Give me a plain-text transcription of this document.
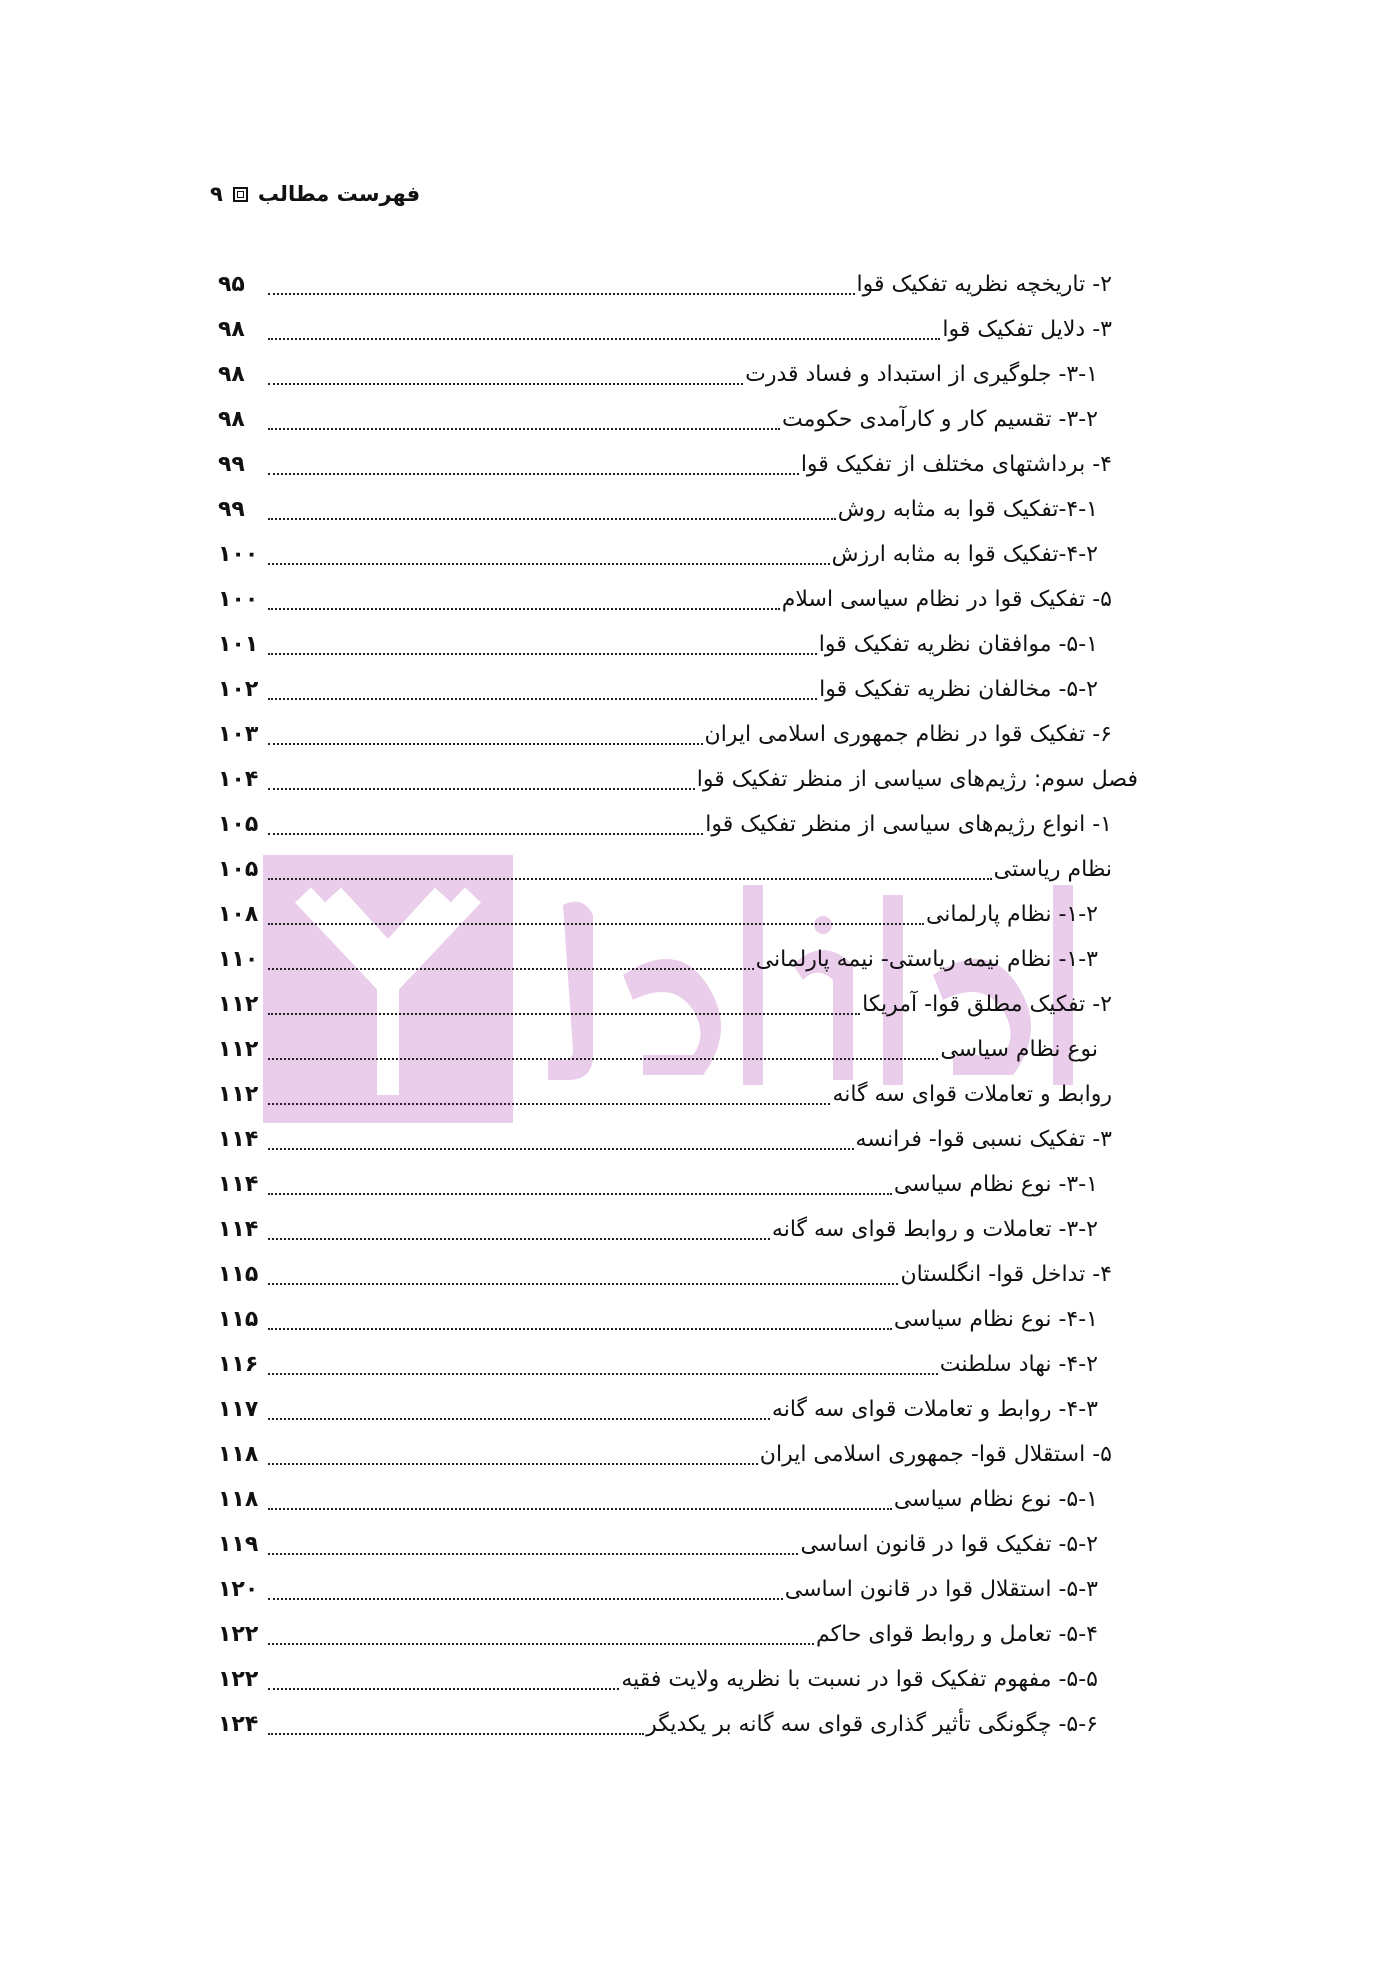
فهرست مطالب
۹
۲- تاریخچه نظریه تفکیک قوا
۹۵
۳- دلایل تفکیک قوا
۹۸
۳-۱- جلوگیری از استبداد و فساد قدرت
۹۸
۳-۲- تقسیم کار و کارآمدی حکومت
۹۸
۴- برداشتهای مختلف از تفکیک قوا
۹۹
۴-۱-تفکیک قوا به مثابه روش
۹۹
۴-۲-تفکیک قوا به مثابه ارزش
۱۰۰
۵- تفکیک قوا در نظام سیاسی اسلام
۱۰۰
۵-۱- موافقان نظریه تفکیک قوا
۱۰۱
۵-۲- مخالفان نظریه تفکیک قوا
۱۰۲
۶- تفکیک قوا در نظام جمهوری اسلامی ایران
۱۰۳
فصل سوم: رژیم‌های سیاسی از منظر تفکیک قوا
۱۰۴
۱- انواع رژیم‌های سیاسی از منظر تفکیک قوا
۱۰۵
نظام ریاستی
۱۰۵
۱-۲- نظام پارلمانی
۱۰۸
۱-۳- نظام نیمه ریاستی- نیمه پارلمانی
۱۱۰
۲- تفکیک مطلق قوا- آمریکا
۱۱۲
نوع نظام سیاسی
۱۱۲
روابط و تعاملات قوای سه گانه
۱۱۲
۳- تفکیک نسبی قوا- فرانسه
۱۱۴
۳-۱- نوع نظام سیاسی
۱۱۴
۳-۲- تعاملات و روابط قوای سه گانه
۱۱۴
۴- تداخل قوا- انگلستان
۱۱۵
۴-۱- نوع نظام سیاسی
۱۱۵
۴-۲- نهاد سلطنت
۱۱۶
۴-۳- روابط و تعاملات قوای سه گانه
۱۱۷
۵- استقلال قوا- جمهوری اسلامی ایران
۱۱۸
۵-۱- نوع نظام سیاسی
۱۱۸
۵-۲- تفکیک قوا در قانون اساسی
۱۱۹
۵-۳- استقلال قوا در قانون اساسی
۱۲۰
۵-۴- تعامل و روابط قوای حاکم
۱۲۲
۵-۵- مفهوم تفکیک قوا در نسبت با نظریه ولایت فقیه
۱۲۲
۵-۶- چگونگی تأثیر گذاری قوای سه گانه بر یکدیگر
۱۲۴
